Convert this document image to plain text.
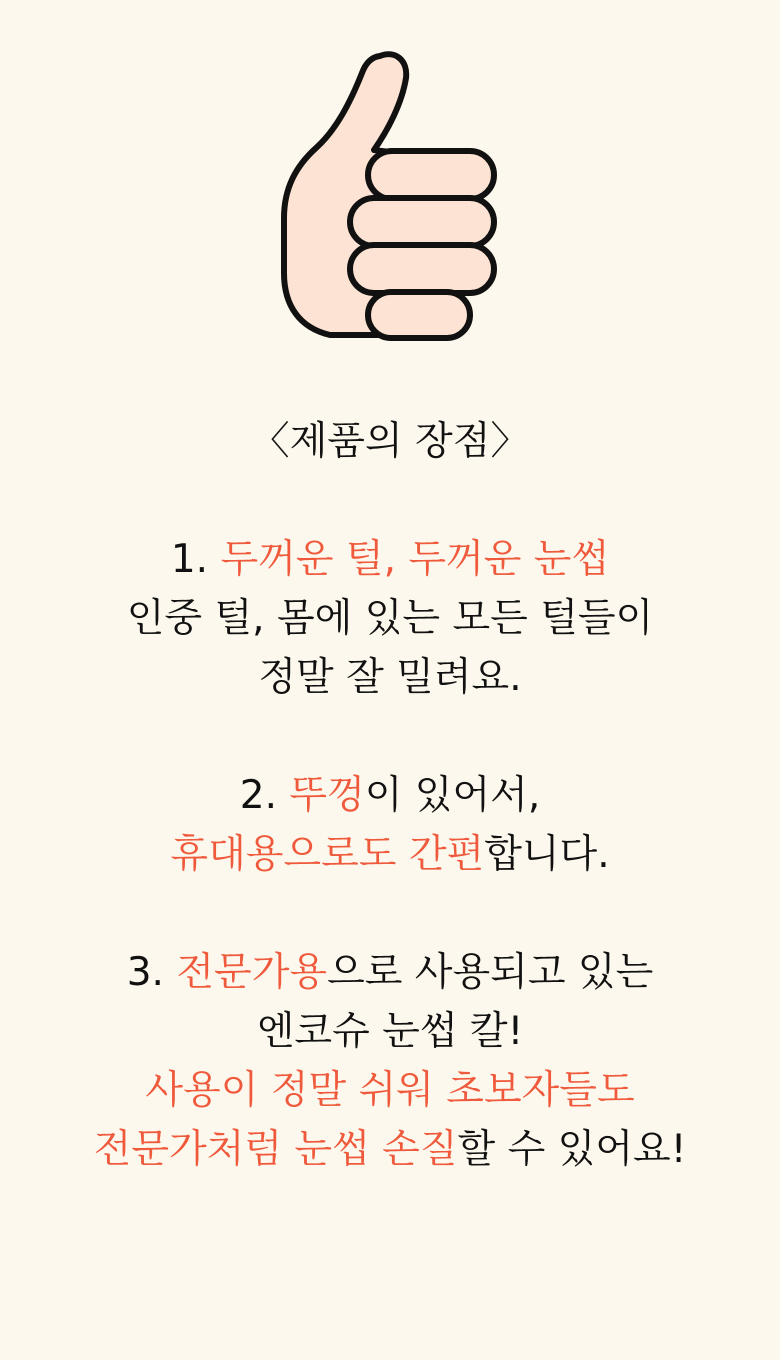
〈제품의 장점〉
1. 두꺼운 털, 두꺼운 눈썹
인중 털, 몸에 있는 모든 털들이
정말 잘 밀려요.
2. 뚜껑이 있어서,
휴대용으로도 간편합니다.
3. 전문가용으로 사용되고 있는
엔코슈 눈썹 칼!
사용이 정말 쉬워 초보자들도
전문가처럼 눈썹 손질할 수 있어요!
